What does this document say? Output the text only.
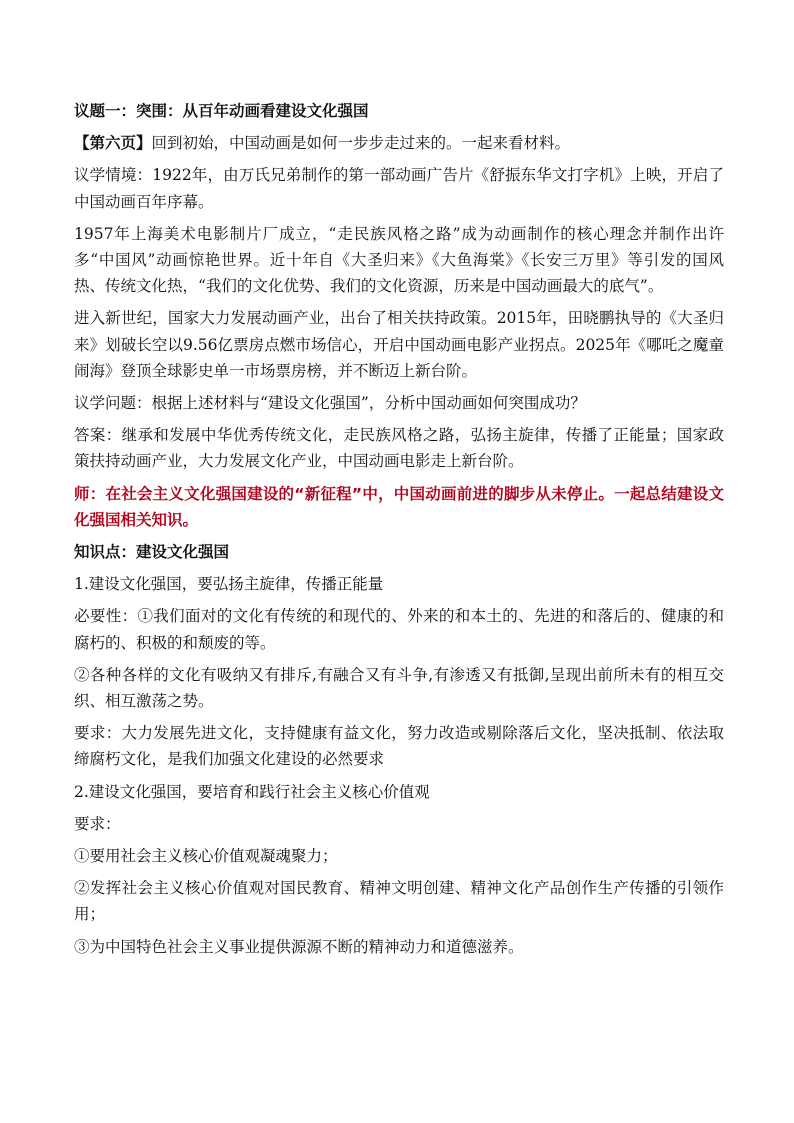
议题一：突围：从百年动画看建设文化强国

【第六页】回到初始，中国动画是如何一步步走过来的。一起来看材料。

议学情境：1922年，由万氏兄弟制作的第一部动画广告片《舒振东华文打字机》上映，开启了中国动画百年序幕。

1957年上海美术电影制片厂成立，“走民族风格之路”成为动画制作的核心理念并制作出许多“中国风”动画惊艳世界。近十年自《大圣归来》《大鱼海棠》《长安三万里》等引发的国风热、传统文化热，“我们的文化优势、我们的文化资源，历来是中国动画最大的底气”。

进入新世纪，国家大力发展动画产业，出台了相关扶持政策。2015年，田晓鹏执导的《大圣归来》划破长空以9.56亿票房点燃市场信心，开启中国动画电影产业拐点。2025年《哪吒之魔童闹海》登顶全球影史单一市场票房榜，并不断迈上新台阶。

议学问题：根据上述材料与“建设文化强国”，分析中国动画如何突围成功？

答案：继承和发展中华优秀传统文化，走民族风格之路，弘扬主旋律，传播了正能量；国家政策扶持动画产业，大力发展文化产业，中国动画电影走上新台阶。

师：在社会主义文化强国建设的“新征程”中，中国动画前进的脚步从未停止。一起总结建设文化强国相关知识。

知识点：建设文化强国

1.建设文化强国，要弘扬主旋律，传播正能量

必要性：①我们面对的文化有传统的和现代的、外来的和本土的、先进的和落后的、健康的和腐朽的、积极的和颓废的等。

②各种各样的文化有吸纳又有排斥,有融合又有斗争,有渗透又有抵御,呈现出前所未有的相互交织、相互激荡之势。

要求：大力发展先进文化，支持健康有益文化，努力改造或剔除落后文化，坚决抵制、依法取缔腐朽文化，是我们加强文化建设的必然要求

2.建设文化强国，要培育和践行社会主义核心价值观

要求：

①要用社会主义核心价值观凝魂聚力；

②发挥社会主义核心价值观对国民教育、精神文明创建、精神文化产品创作生产传播的引领作用；

③为中国特色社会主义事业提供源源不断的精神动力和道德滋养。
